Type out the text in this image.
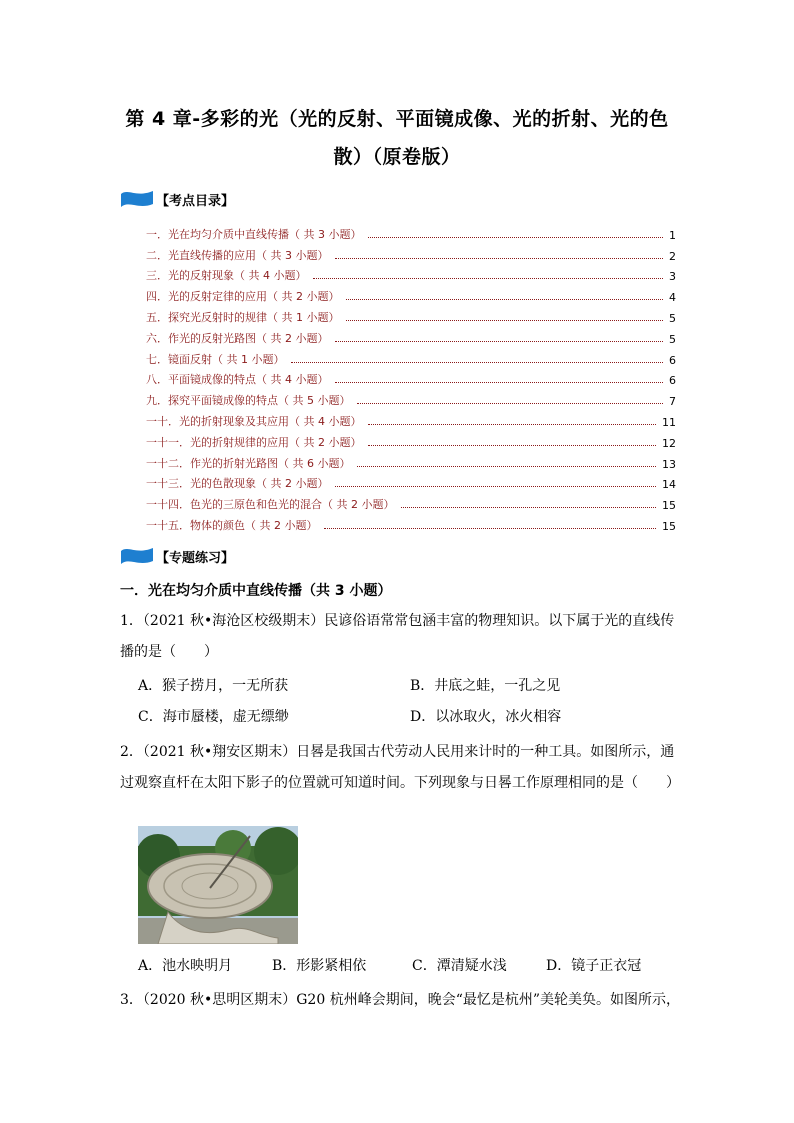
第 4 章-多彩的光（光的反射、平面镜成像、光的折射、光的色
散）（原卷版）
【考点目录】
一．光在均匀介质中直线传播（ 共 3 小题）	1
二．光直线传播的应用（ 共 3 小题）	2
三．光的反射现象（ 共 4 小题）	3
四．光的反射定律的应用（ 共 2 小题）	4
五．探究光反射时的规律（ 共 1 小题）	5
六．作光的反射光路图（ 共 2 小题）	5
七．镜面反射（ 共 1 小题）	6
八．平面镜成像的特点（ 共 4 小题）	6
九．探究平面镜成像的特点（ 共 5 小题）	7
一十．光的折射现象及其应用（ 共 4 小题）	11
一十一．光的折射规律的应用（ 共 2 小题）	12
一十二．作光的折射光路图（ 共 6 小题）	13
一十三．光的色散现象（ 共 2 小题）	14
一十四．色光的三原色和色光的混合（ 共 2 小题）	15
一十五．物体的颜色（ 共 2 小题）	15
【专题练习】
一．光在均匀介质中直线传播（共 3 小题）
1．（2021 秋•海沧区校级期末）民谚俗语常常包涵丰富的物理知识。以下属于光的直线传播的是（　　）
A．猴子捞月，一无所获	B．井底之蛙，一孔之见
C．海市蜃楼，虚无缥缈	D．以冰取火，冰火相容
2．（2021 秋•翔安区期末）日晷是我国古代劳动人民用来计时的一种工具。如图所示，通过观察直杆在太阳下影子的位置就可知道时间。下列现象与日晷工作原理相同的是（　　）
A．池水映明月	B．形影紧相依	C．潭清疑水浅	D．镜子正衣冠
3．（2020 秋•思明区期末）G20 杭州峰会期间，晚会“最忆是杭州”美轮美奂。如图所示，
